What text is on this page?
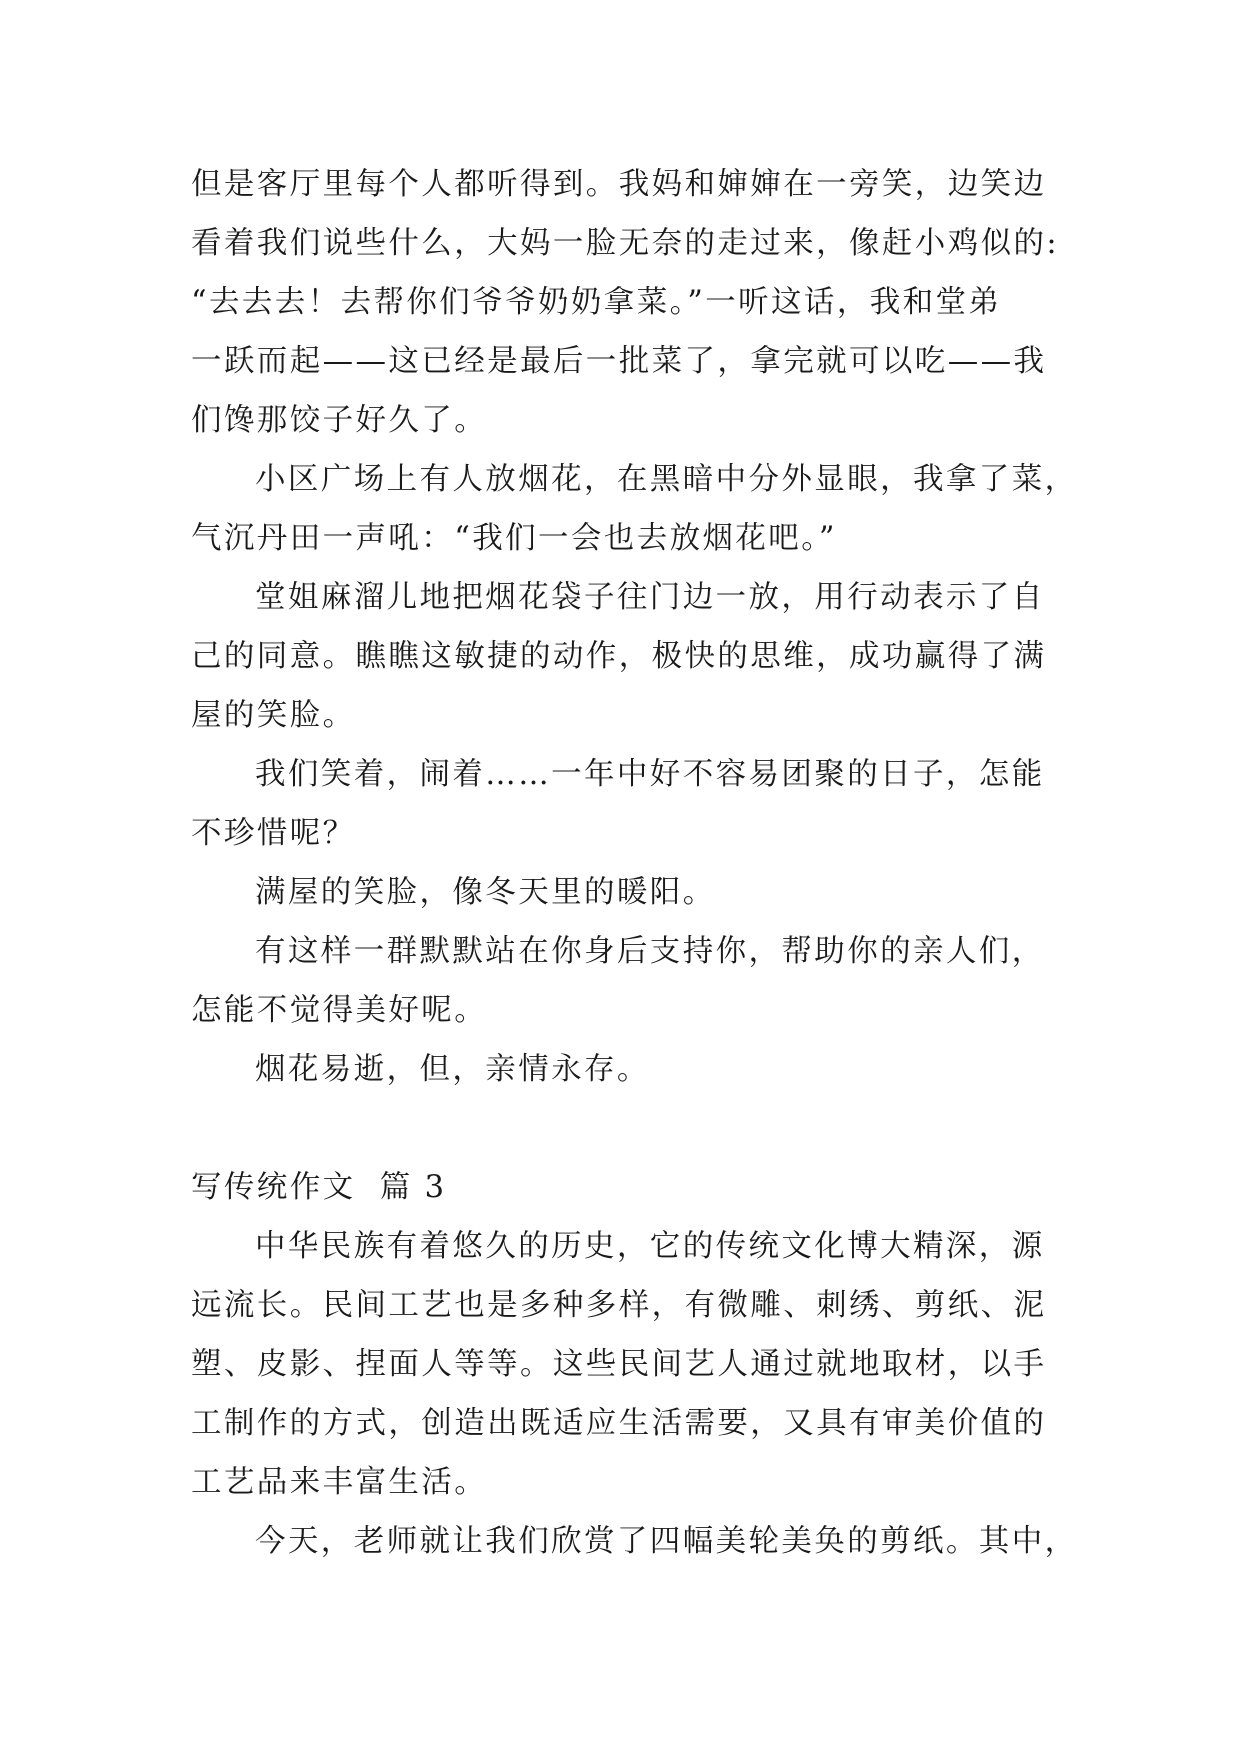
但是客厅里每个人都听得到。我妈和婶婶在一旁笑，边笑边
看着我们说些什么，大妈一脸无奈的走过来，像赶小鸡似的:
“去去去！去帮你们爷爷奶奶拿菜。”一听这话，我和堂弟
一跃而起——这已经是最后一批菜了，拿完就可以吃——我
们馋那饺子好久了。
小区广场上有人放烟花，在黑暗中分外显眼，我拿了菜，
气沉丹田一声吼：“我们一会也去放烟花吧。”
堂姐麻溜儿地把烟花袋子往门边一放，用行动表示了自
己的同意。瞧瞧这敏捷的动作，极快的思维，成功赢得了满
屋的笑脸。
我们笑着，闹着……一年中好不容易团聚的日子，怎能
不珍惜呢？
满屋的笑脸，像冬天里的暖阳。
有这样一群默默站在你身后支持你，帮助你的亲人们，
怎能不觉得美好呢。
烟花易逝，但，亲情永存。
写传统作文  篇 3
中华民族有着悠久的历史，它的传统文化博大精深，源
远流长。民间工艺也是多种多样，有微雕、刺绣、剪纸、泥
塑、皮影、捏面人等等。这些民间艺人通过就地取材，以手
工制作的方式，创造出既适应生活需要，又具有审美价值的
工艺品来丰富生活。
今天，老师就让我们欣赏了四幅美轮美奂的剪纸。其中，
